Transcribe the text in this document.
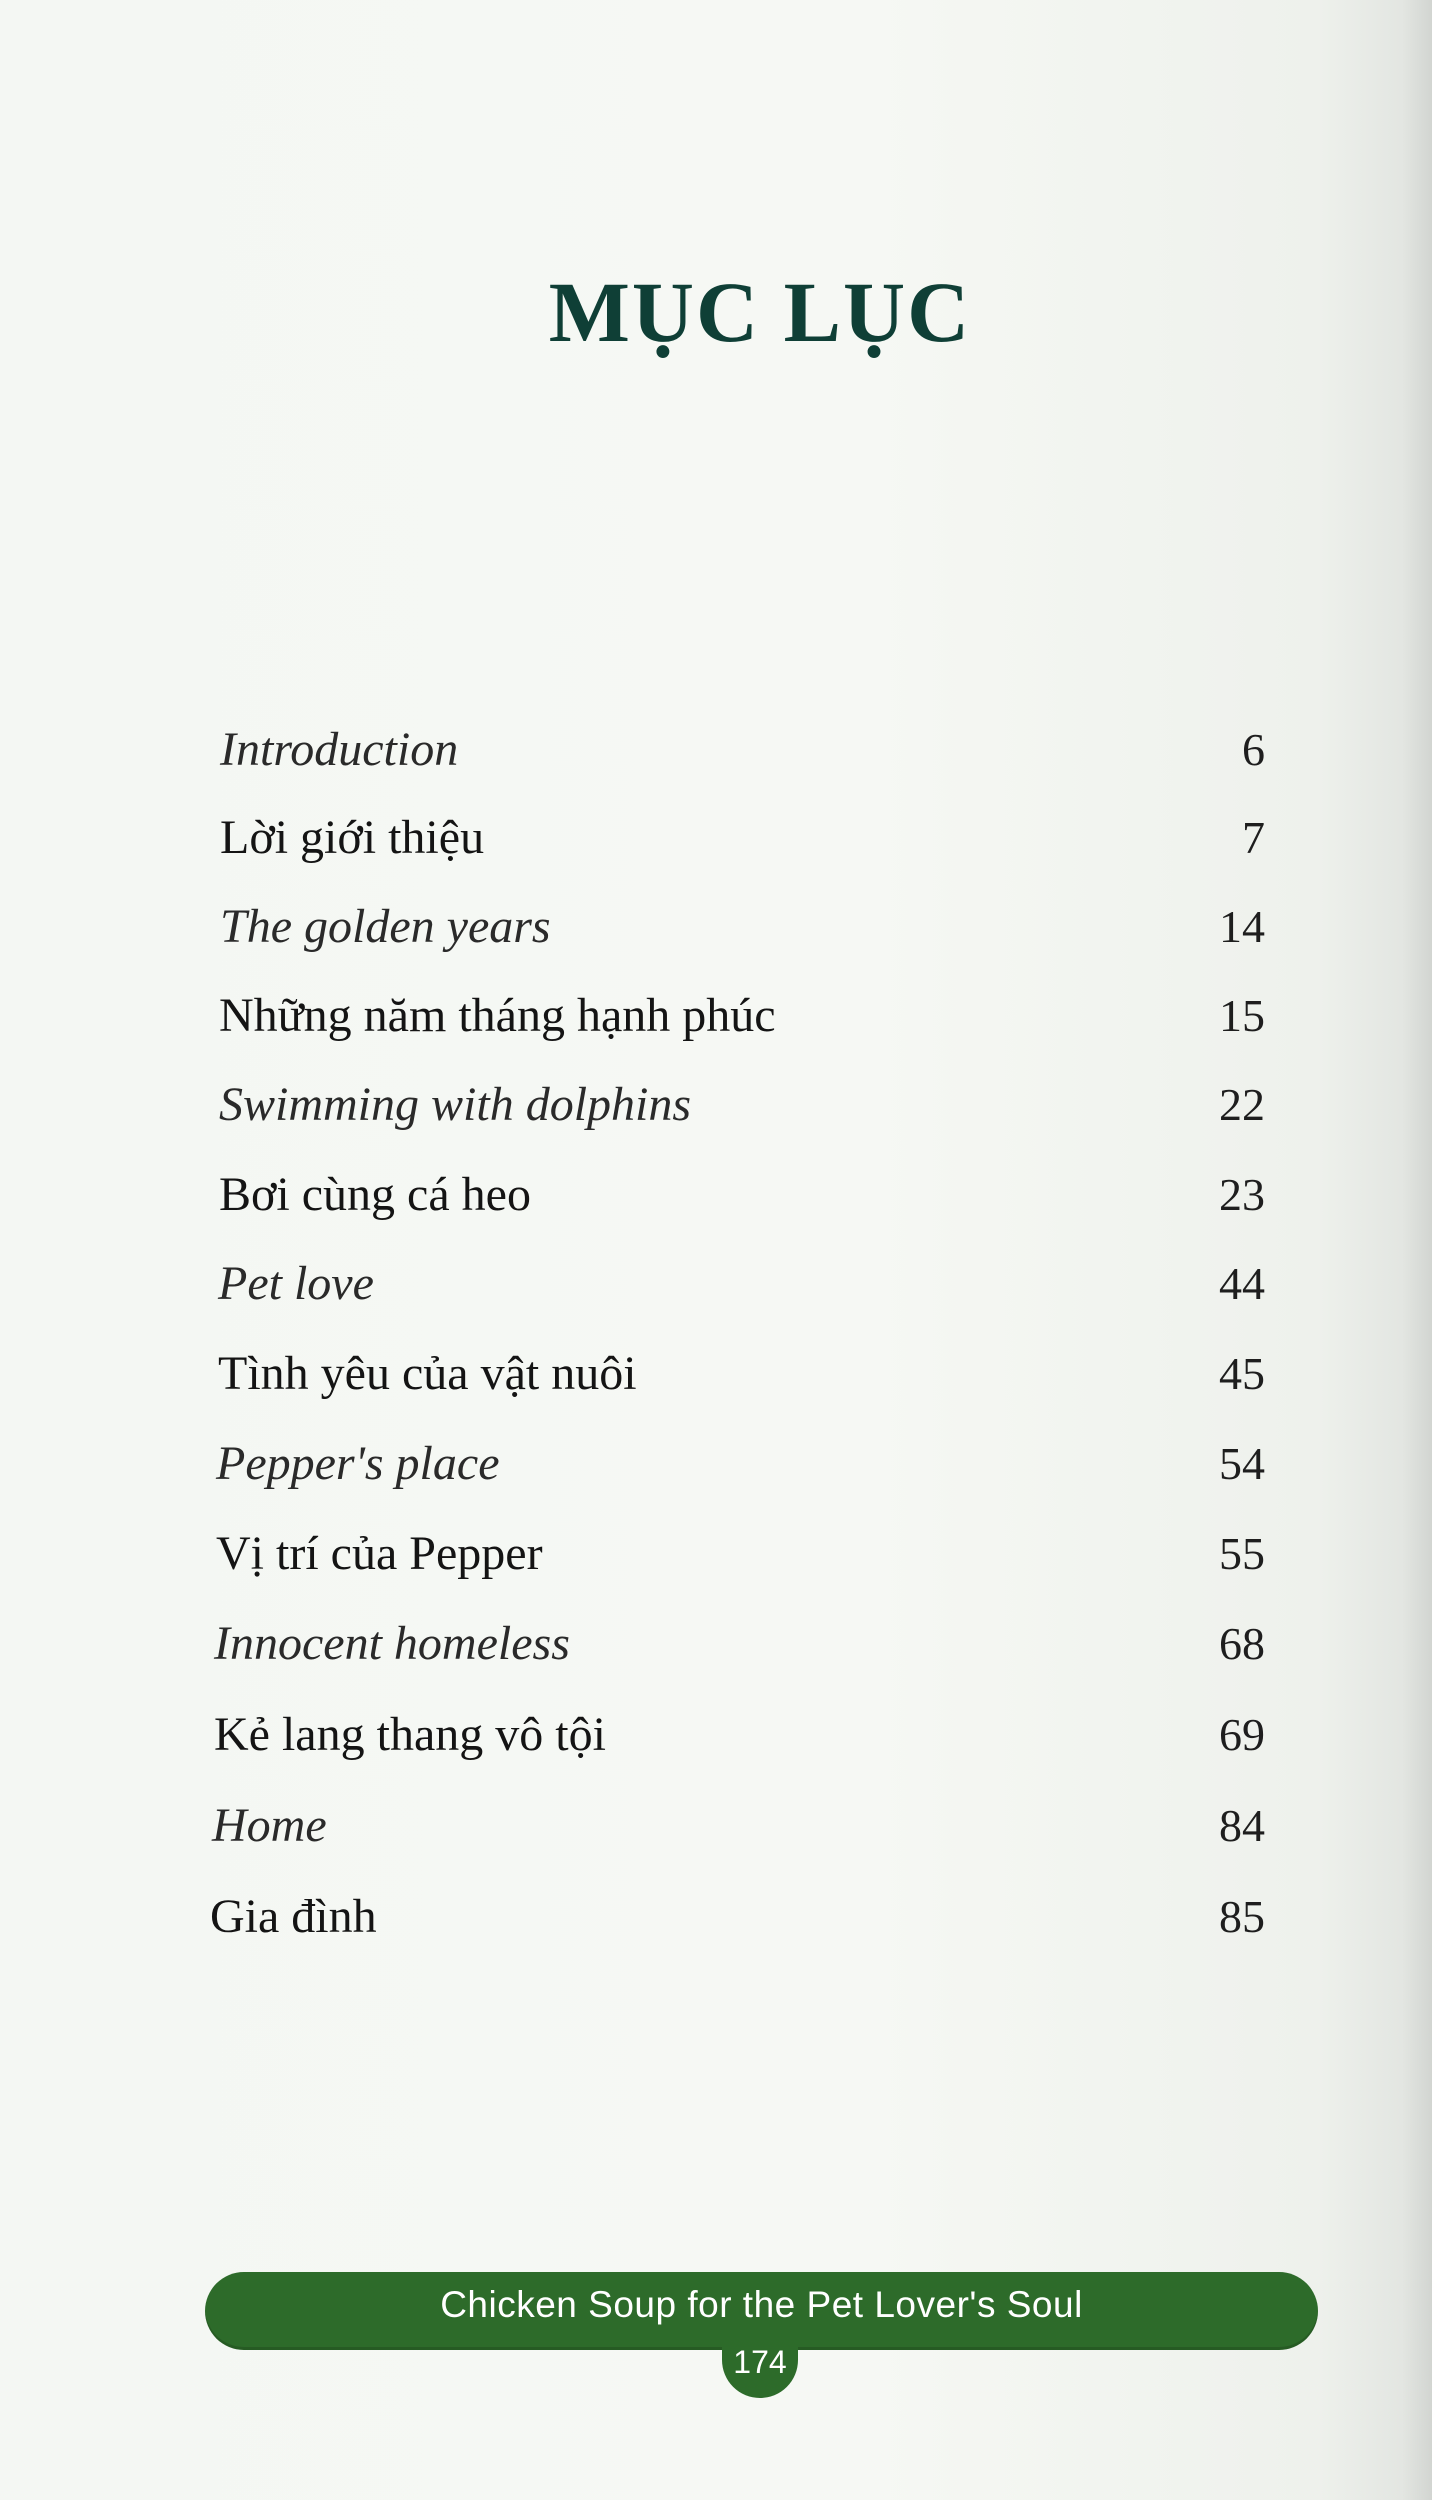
MỤC LỤC
Introduction	6
Lời giới thiệu	7
The golden years	14
Những năm tháng hạnh phúc	15
Swimming with dolphins	22
Bơi cùng cá heo	23
Pet love	44
Tình yêu của vật nuôi	45
Pepper's place	54
Vị trí của Pepper	55
Innocent homeless	68
Kẻ lang thang vô tội	69
Home	84
Gia đình	85
Chicken Soup for the Pet Lover's Soul
174
